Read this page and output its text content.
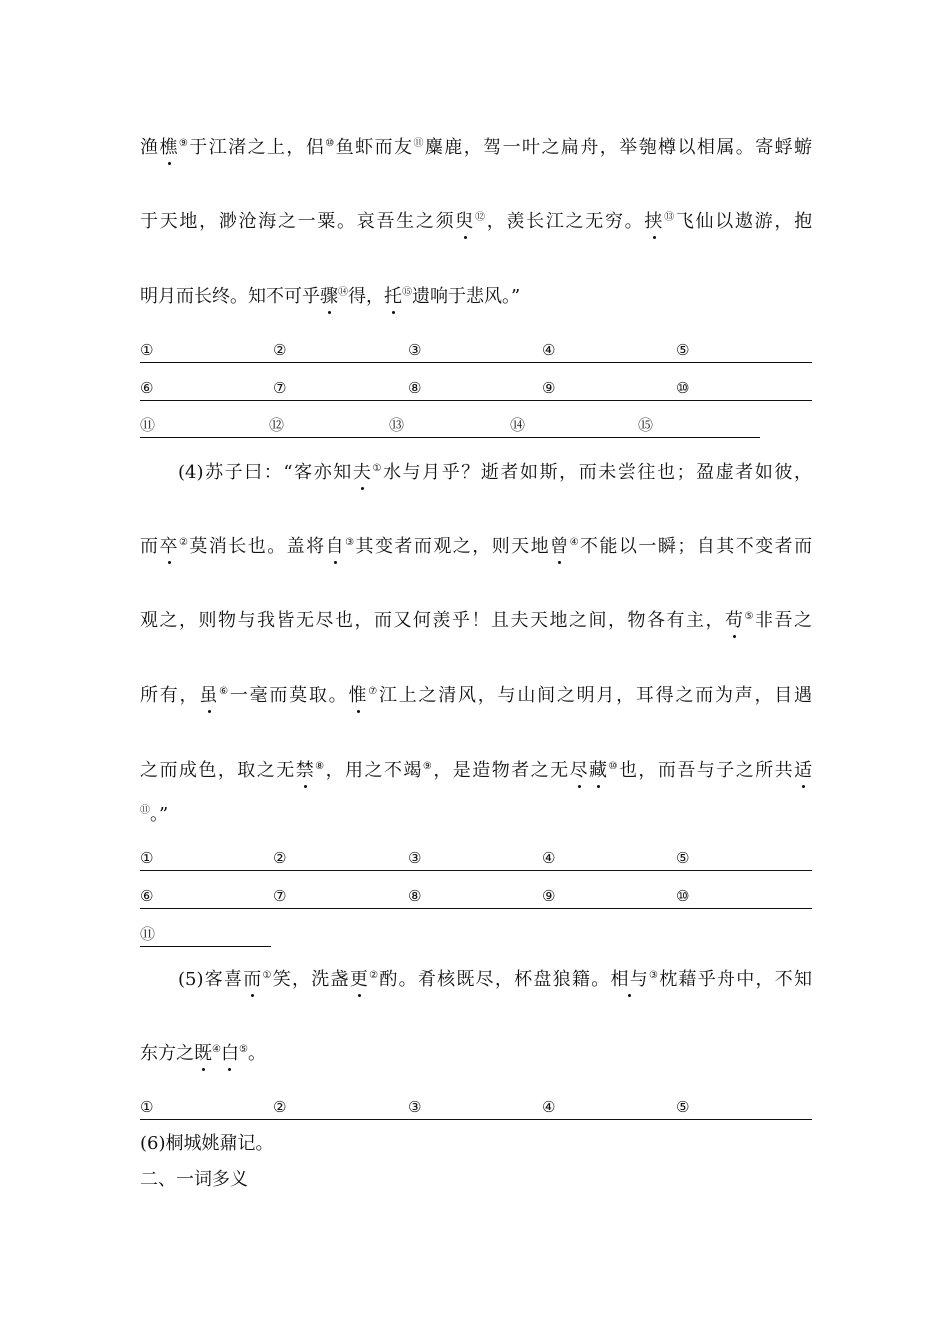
渔樵⑨于江渚之上，侣⑩鱼虾而友⑪麋鹿，驾一叶之扁舟，举匏樽以相属。寄蜉蝣
于天地，渺沧海之一粟。哀吾生之须臾⑫，羡长江之无穷。挟⑬飞仙以遨游，抱
明月而长终。知不可乎骤⑭得，托⑮遗响于悲风。”
①	②	③	④	⑤
⑥	⑦	⑧	⑨	⑩
⑪	⑫	⑬	⑭	⑮
(4)苏子曰：“客亦知夫①水与月乎？逝者如斯，而未尝往也；盈虚者如彼，
而卒②莫消长也。盖将自③其变者而观之，则天地曾④不能以一瞬；自其不变者而
观之，则物与我皆无尽也，而又何羡乎！且夫天地之间，物各有主，苟⑤非吾之
所有，虽⑥一毫而莫取。惟⑦江上之清风，与山间之明月，耳得之而为声，目遇
之而成色，取之无禁⑧，用之不竭⑨，是造物者之无尽藏⑩也，而吾与子之所共适
⑪。”
①	②	③	④	⑤
⑥	⑦	⑧	⑨	⑩
⑪
(5)客喜而①笑，洗盏更②酌。肴核既尽，杯盘狼籍。相与③枕藉乎舟中，不知
东方之既④白⑤。
①	②	③	④	⑤
(6)桐城姚鼐记。
二、一词多义
